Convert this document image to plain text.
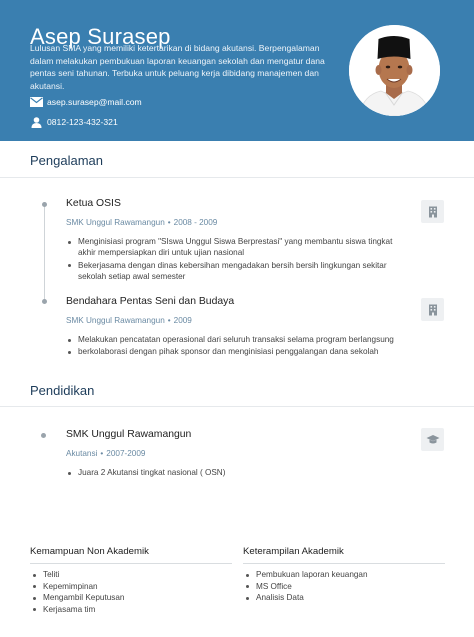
Asep Surasep
Lulusan SMA yang memiliki ketertarikan di bidang akutansi. Berpengalaman dalam melakukan pembukuan laporan keuangan sekolah dan mengatur dana pentas seni tahunan. Terbuka untuk peluang kerja dibidang manajemen dan akutansi.
asep.surasep@mail.com
0812-123-432-321
Pengalaman
Ketua OSIS
SMK Unggul Rawamangun • 2008 - 2009
Menginisiasi program "SIswa Unggul Siswa Berprestasi" yang membantu siswa tingkat akhir mempersiapkan diri untuk ujian nasional
Bekerjasama dengan dinas kebersihan mengadakan bersih bersih lingkungan sekitar sekolah setiap awal semester
Bendahara Pentas Seni dan Budaya
SMK Unggul Rawamangun • 2009
Melakukan pencatatan operasional dari seluruh transaksi selama program berlangsung
berkolaborasi dengan pihak sponsor dan menginisiasi penggalangan dana sekolah
Pendidikan
SMK Unggul Rawamangun
Akutansi • 2007-2009
Juara 2 Akutansi tingkat nasional ( OSN)
Kemampuan Non Akademik
Teliti
Kepemimpinan
Mengambil Keputusan
Kerjasama tim
Keterampilan Akademik
Pembukuan laporan keuangan
MS Office
Analisis Data
